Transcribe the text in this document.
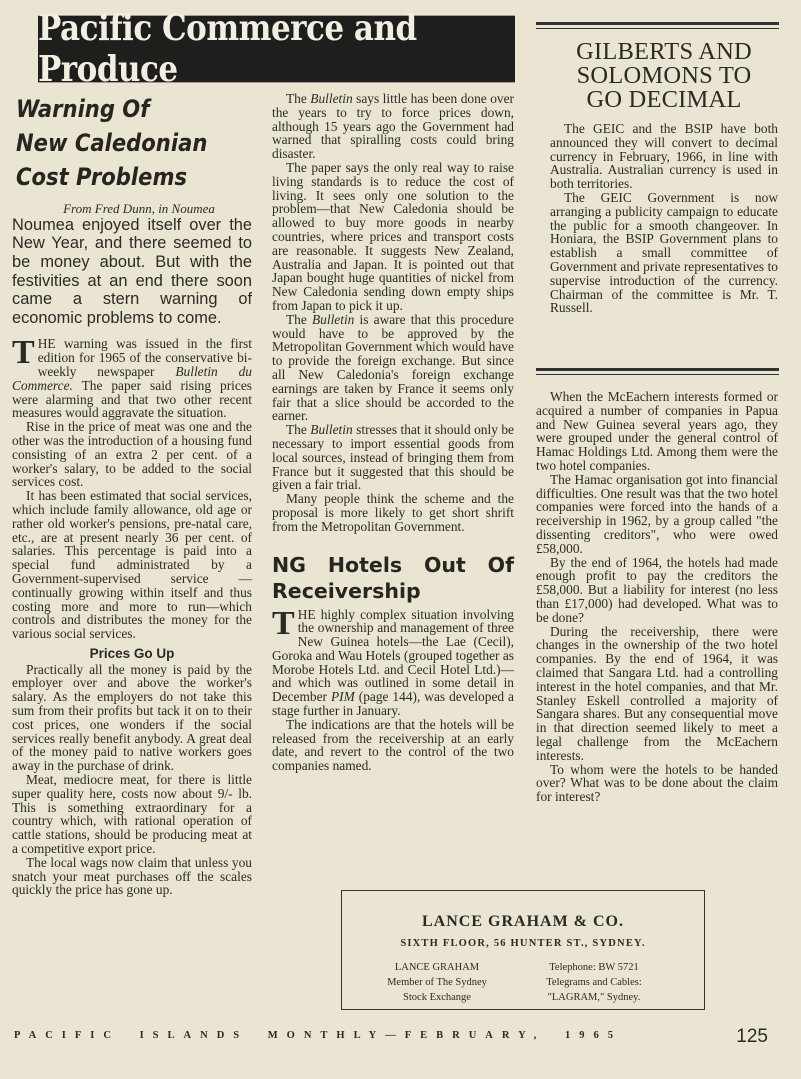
Pacific Commerce and Produce
Warning Of
New Caledonian
Cost Problems

From Fred Dunn, in Noumea

Noumea enjoyed itself over the New Year, and there seemed to be money about. But with the festivities at an end there soon came a stern warning of economic problems to come.

THE warning was issued in the first edition for 1965 of the conservative bi-weekly newspaper Bulletin du Commerce. The paper said rising prices were alarming and that two other recent measures would aggravate the situation.

Rise in the price of meat was one and the other was the introduction of a housing fund consisting of an extra 2 per cent. of a worker's salary, to be added to the social services cost.

It has been estimated that social services, which include family allowance, old age or rather old worker's pensions, pre-natal care, etc., are at present nearly 36 per cent. of salaries. This percentage is paid into a special fund administrated by a Government-supervised service — continually growing within itself and thus costing more and more to run—which controls and distributes the money for the various social services.

Prices Go Up

Practically all the money is paid by the employer over and above the worker's salary. As the employers do not take this sum from their profits but tack it on to their cost prices, one wonders if the social services really benefit anybody. A great deal of the money paid to native workers goes away in the purchase of drink.

Meat, mediocre meat, for there is little super quality here, costs now about 9/- lb. This is something extraordinary for a country which, with rational operation of cattle stations, should be producing meat at a competitive export price.

The local wags now claim that unless you snatch your meat purchases off the scales quickly the price has gone up.

The Bulletin says little has been done over the years to try to force prices down, although 15 years ago the Government had warned that spiralling costs could bring disaster.

The paper says the only real way to raise living standards is to reduce the cost of living. It sees only one solution to the problem—that New Caledonia should be allowed to buy more goods in nearby countries, where prices and transport costs are reasonable. It suggests New Zealand, Australia and Japan. It is pointed out that Japan bought huge quantities of nickel from New Caledonia sending down empty ships from Japan to pick it up.

The Bulletin is aware that this procedure would have to be approved by the Metropolitan Government which would have to provide the foreign exchange. But since all New Caledonia's foreign exchange earnings are taken by France it seems only fair that a slice should be accorded to the earner.

The Bulletin stresses that it should only be necessary to import essential goods from local sources, instead of bringing them from France but it suggested that this should be given a fair trial.

Many people think the scheme and the proposal is more likely to get short shrift from the Metropolitan Government.

NG Hotels Out Of Receivership

THE highly complex situation involving the ownership and management of three New Guinea hotels—the Lae (Cecil), Goroka and Wau Hotels (grouped together as Morobe Hotels Ltd. and Cecil Hotel Ltd.)—and which was outlined in some detail in December PIM (page 144), was developed a stage further in January.

The indications are that the hotels will be released from the receivership at an early date, and revert to the control of the two companies named.

GILBERTS AND
SOLOMONS TO
GO DECIMAL

The GEIC and the BSIP have both announced they will convert to decimal currency in February, 1966, in line with Australia. Australian currency is used in both territories.

The GEIC Government is now arranging a publicity campaign to educate the public for a smooth changeover. In Honiara, the BSIP Government plans to establish a small committee of Government and private representatives to supervise introduction of the currency. Chairman of the committee is Mr. T. Russell.

When the McEachern interests formed or acquired a number of companies in Papua and New Guinea several years ago, they were grouped under the general control of Hamac Holdings Ltd. Among them were the two hotel companies.

The Hamac organisation got into financial difficulties. One result was that the two hotel companies were forced into the hands of a receivership in 1962, by a group called "the dissenting creditors", who were owed £58,000.

By the end of 1964, the hotels had made enough profit to pay the creditors the £58,000. But a liability for interest (no less than £17,000) had developed. What was to be done?

During the receivership, there were changes in the ownership of the two hotel companies. By the end of 1964, it was claimed that Sangara Ltd. had a controlling interest in the hotel companies, and that Mr. Stanley Eskell controlled a majority of Sangara shares. But any consequential move in that direction seemed likely to meet a legal challenge from the McEachern interests.

To whom were the hotels to be handed over? What was to be done about the claim for interest?

LANCE GRAHAM & CO.
SIXTH FLOOR, 56 HUNTER ST., SYDNEY.
LANCE GRAHAM
Member of The Sydney
Stock Exchange
Telephone: BW 5721
Telegrams and Cables:
"LAGRAM," Sydney.
PACIFIC ISLANDS MONTHLY—FEBRUARY, 1965	125
